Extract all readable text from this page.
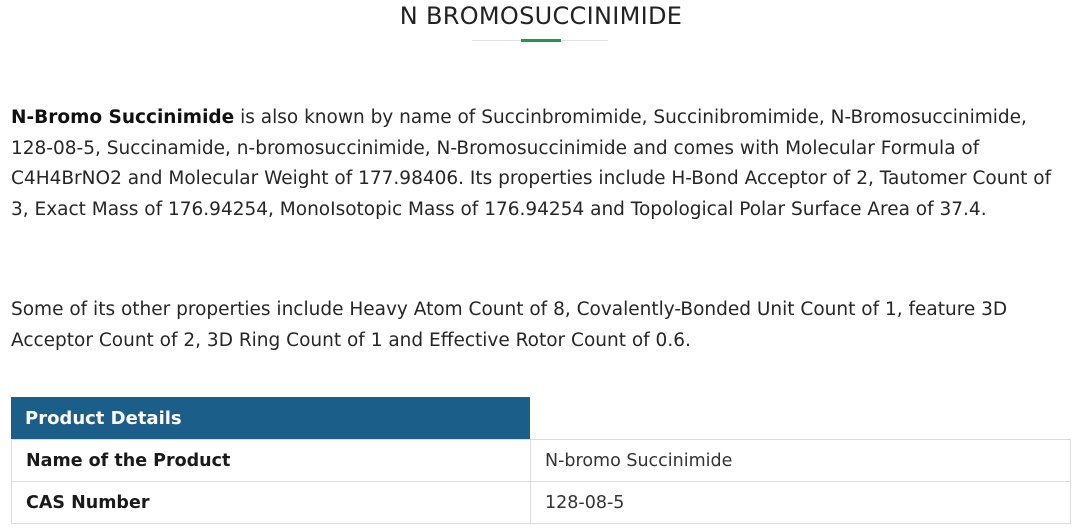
N BROMOSUCCINIMIDE

N-Bromo Succinimide is also known by name of Succinbromimide, Succinibromimide, N-Bromosuccinimide, 128-08-5, Succinamide, n-bromosuccinimide, N-Bromosuccinimide and comes with Molecular Formula of C4H4BrNO2 and Molecular Weight of 177.98406. Its properties include H-Bond Acceptor of 2, Tautomer Count of 3, Exact Mass of 176.94254, MonoIsotopic Mass of 176.94254 and Topological Polar Surface Area of 37.4.

Some of its other properties include Heavy Atom Count of 8, Covalently-Bonded Unit Count of 1, feature 3D Acceptor Count of 2, 3D Ring Count of 1 and Effective Rotor Count of 0.6.

Product Details
Name of the Product	N-bromo Succinimide
CAS Number	128-08-5
